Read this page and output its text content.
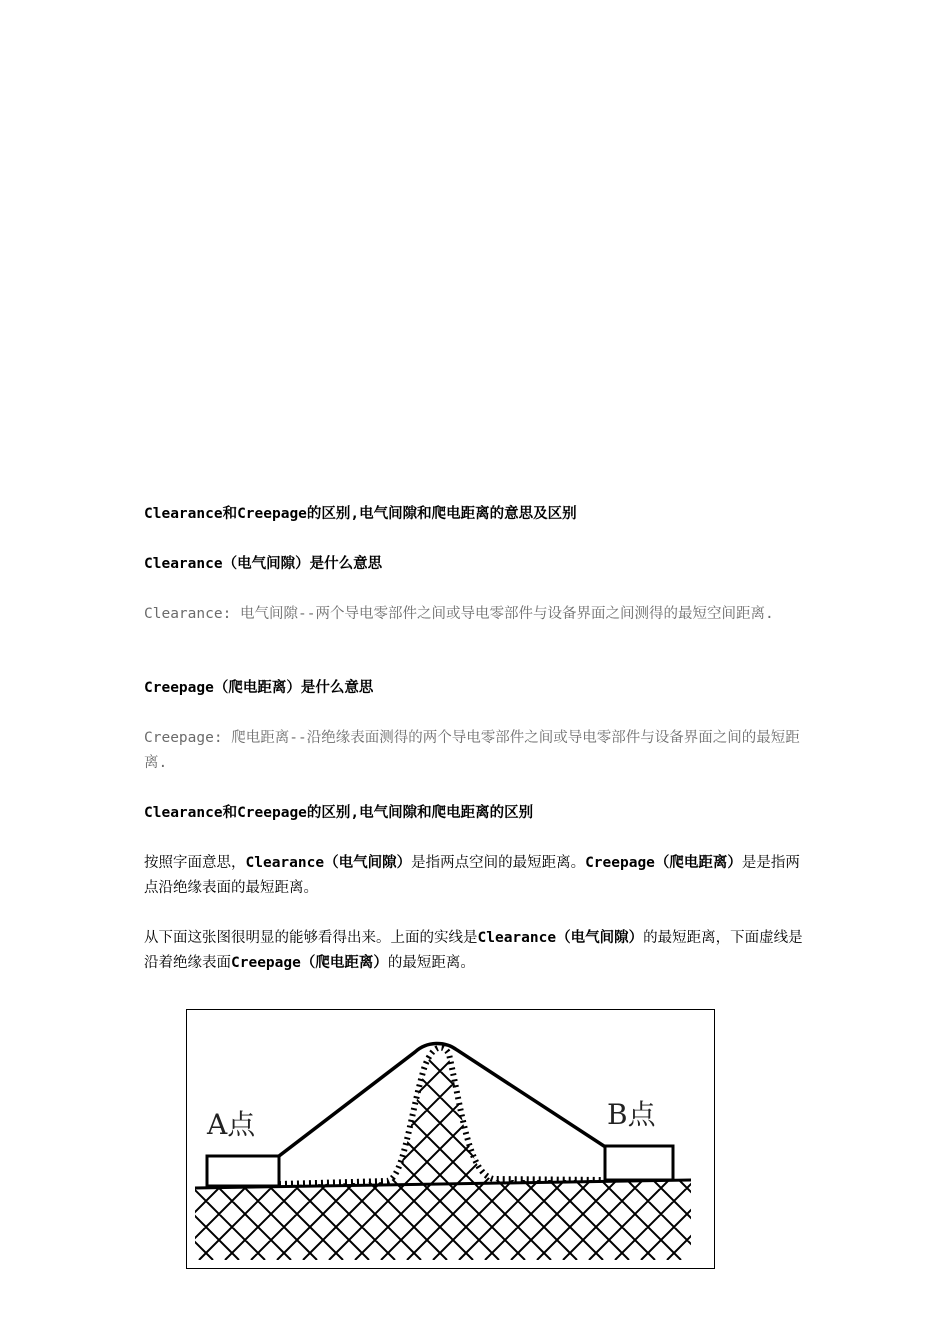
Clearance和Creepage的区别,电气间隙和爬电距离的意思及区别

Clearance（电气间隙）是什么意思

Clearance: 电气间隙--两个导电零部件之间或导电零部件与设备界面之间测得的最短空间距离.

Creepage（爬电距离）是什么意思

Creepage: 爬电距离--沿绝缘表面测得的两个导电零部件之间或导电零部件与设备界面之间的最短距离.

Clearance和Creepage的区别,电气间隙和爬电距离的区别

按照字面意思，Clearance（电气间隙）是指两点空间的最短距离。Creepage（爬电距离）是是指两点沿绝缘表面的最短距离。

从下面这张图很明显的能够看得出来。上面的实线是Clearance（电气间隙）的最短距离，下面虚线是沿着绝缘表面Creepage（爬电距离）的最短距离。

A点	B点
